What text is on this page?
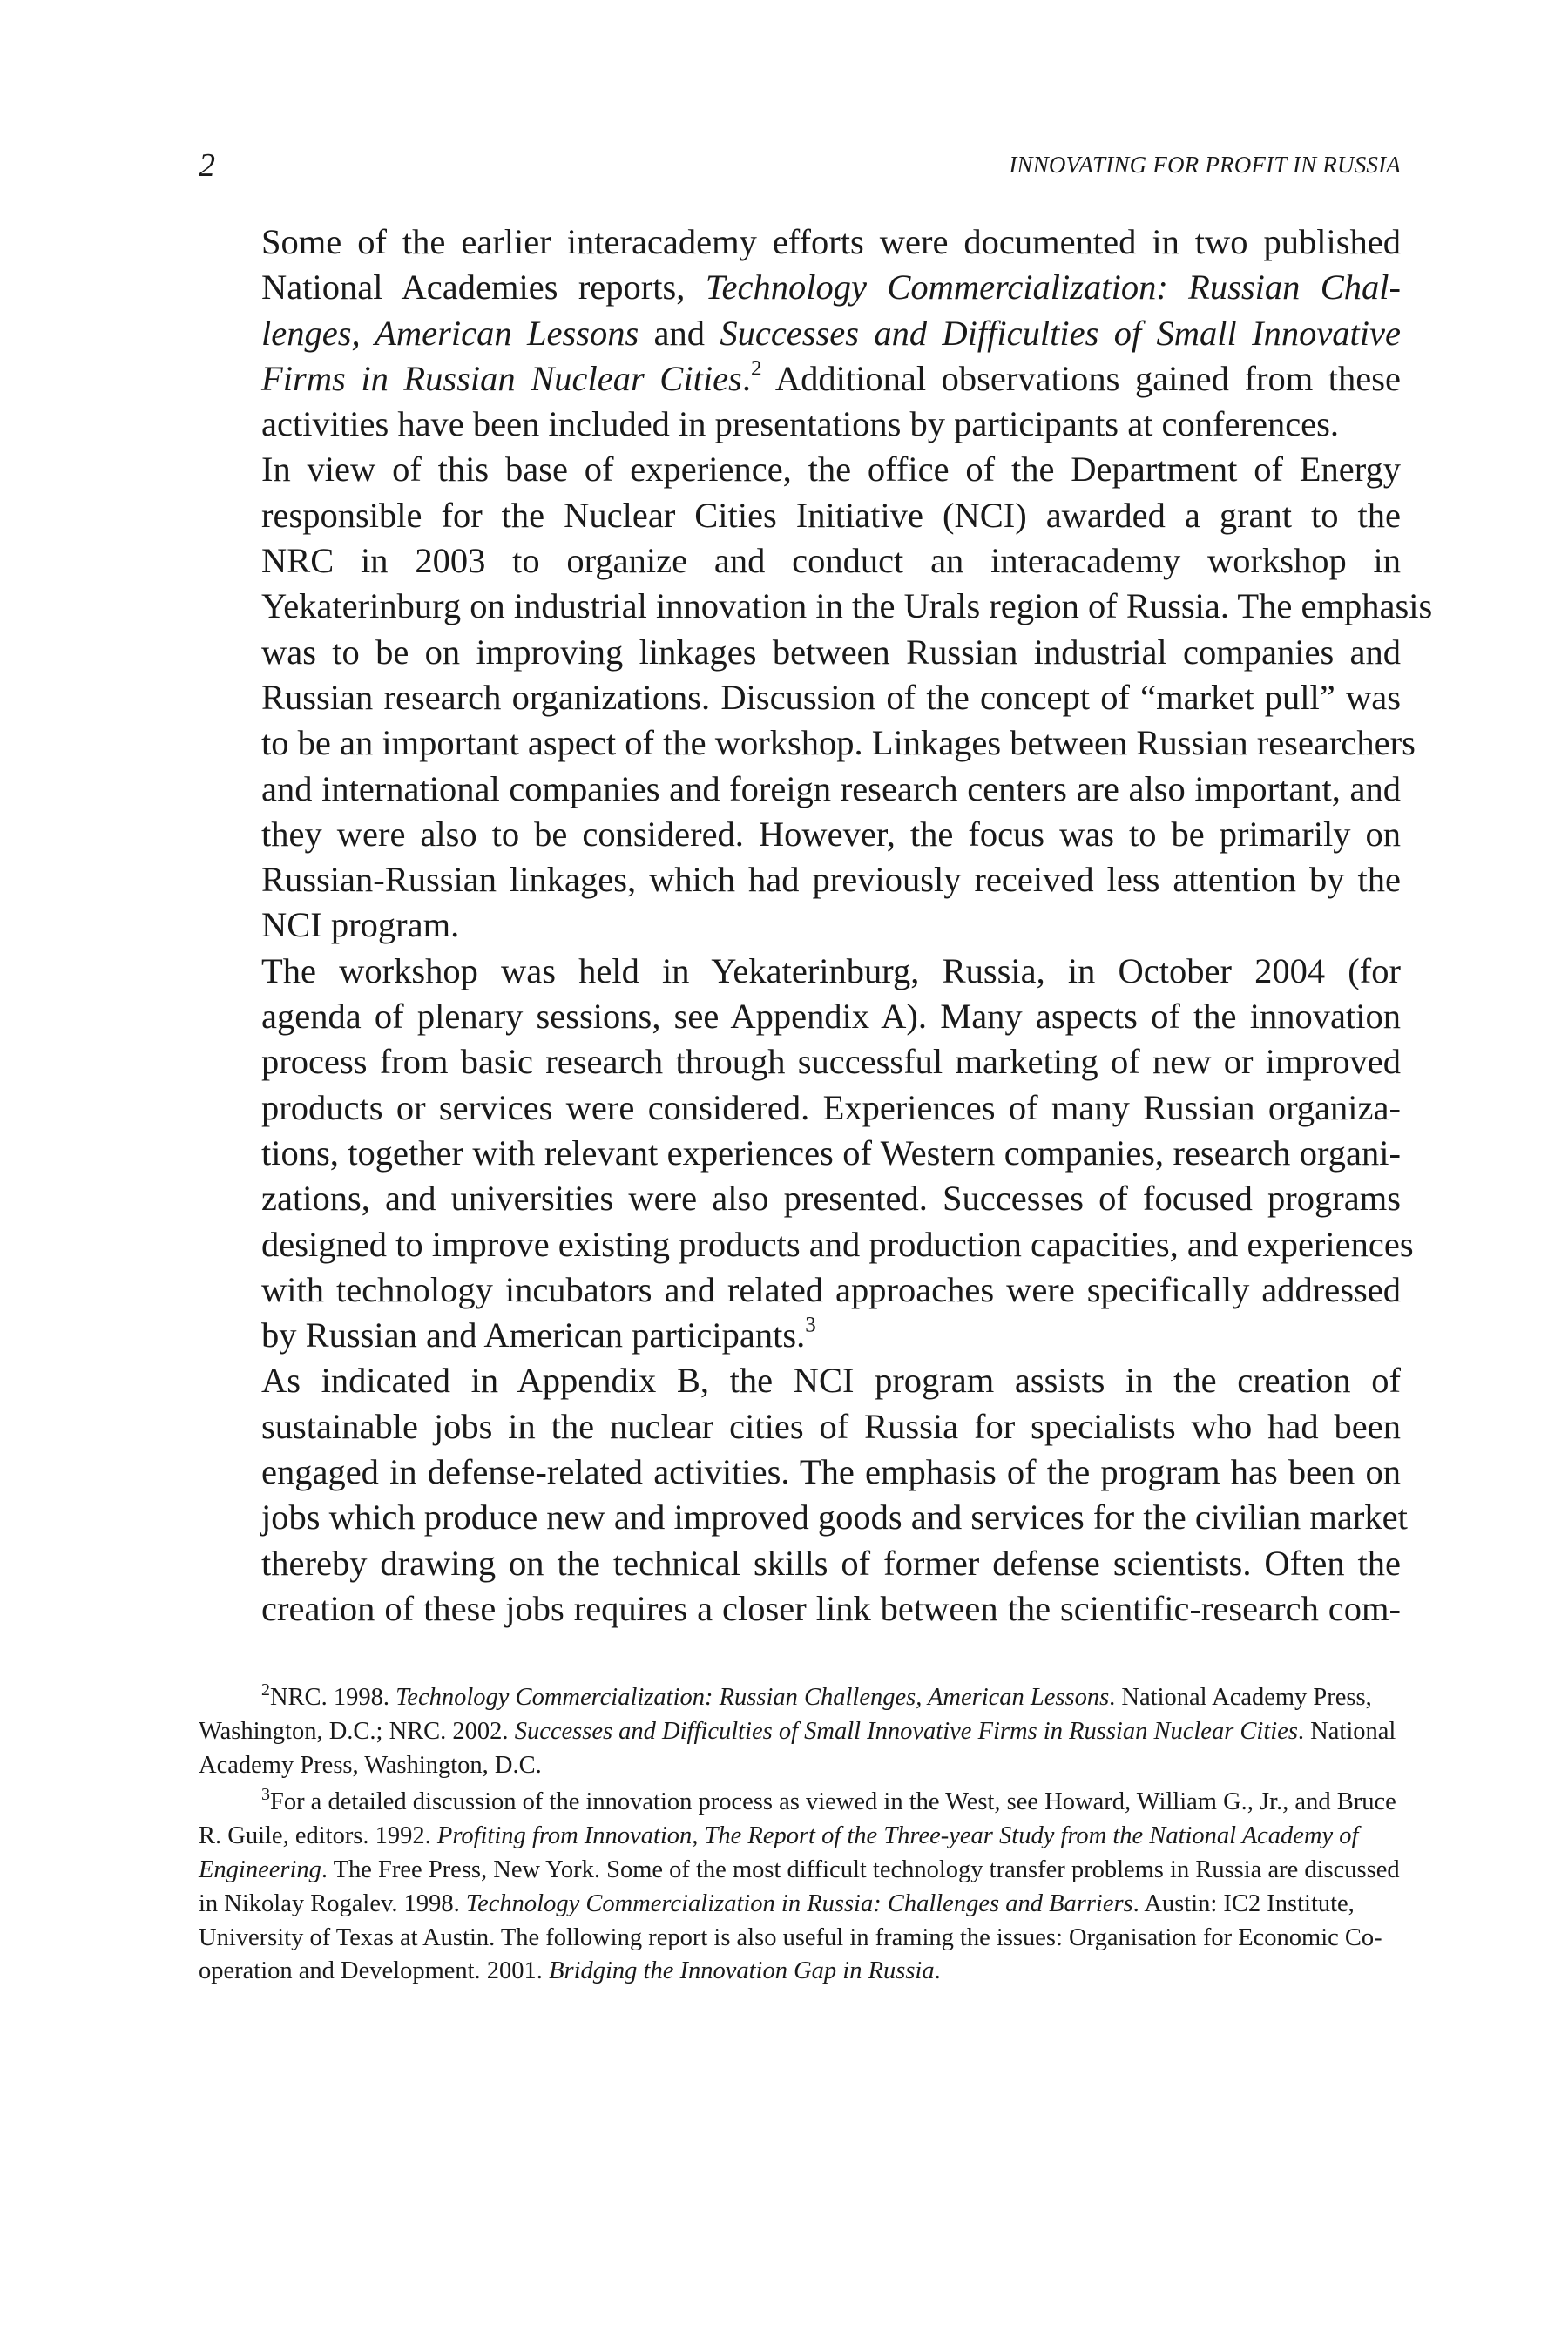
2	INNOVATING FOR PROFIT IN RUSSIA

Some of the earlier interacademy efforts were documented in two published
National Academies reports, Technology Commercialization: Russian Chal-
lenges, American Lessons and Successes and Difficulties of Small Innovative
Firms in Russian Nuclear Cities.$^2$ Additional observations gained from these
activities have been included in presentations by participants at conferences.

In view of this base of experience, the office of the Department of Energy
responsible for the Nuclear Cities Initiative (NCI) awarded a grant to the
NRC in 2003 to organize and conduct an interacademy workshop in
Yekaterinburg on industrial innovation in the Urals region of Russia. The emphasis
was to be on improving linkages between Russian industrial companies and
Russian research organizations. Discussion of the concept of “market pull” was
to be an important aspect of the workshop. Linkages between Russian researchers
and international companies and foreign research centers are also important, and
they were also to be considered. However, the focus was to be primarily on
Russian-Russian linkages, which had previously received less attention by the
NCI program.

The workshop was held in Yekaterinburg, Russia, in October 2004 (for
agenda of plenary sessions, see Appendix A). Many aspects of the innovation
process from basic research through successful marketing of new or improved
products or services were considered. Experiences of many Russian organiza-
tions, together with relevant experiences of Western companies, research organi-
zations, and universities were also presented. Successes of focused programs
designed to improve existing products and production capacities, and experiences
with technology incubators and related approaches were specifically addressed
by Russian and American participants.$^3$

As indicated in Appendix B, the NCI program assists in the creation of
sustainable jobs in the nuclear cities of Russia for specialists who had been
engaged in defense-related activities. The emphasis of the program has been on
jobs which produce new and improved goods and services for the civilian market
thereby drawing on the technical skills of former defense scientists. Often the
creation of these jobs requires a closer link between the scientific-research com-

$^2$NRC. 1998. Technology Commercialization: Russian Challenges, American Lessons. National Academy Press, Washington, D.C.; NRC. 2002. Successes and Difficulties of Small Innovative Firms in Russian Nuclear Cities. National Academy Press, Washington, D.C.

$^3$For a detailed discussion of the innovation process as viewed in the West, see Howard, William G., Jr., and Bruce R. Guile, editors. 1992. Profiting from Innovation, The Report of the Three-year Study from the National Academy of Engineering. The Free Press, New York. Some of the most difficult technology transfer problems in Russia are discussed in Nikolay Rogalev. 1998. Technology Commercialization in Russia: Challenges and Barriers. Austin: IC2 Institute, University of Texas at Austin. The following report is also useful in framing the issues: Organisation for Economic Co-operation and Development. 2001. Bridging the Innovation Gap in Russia.
